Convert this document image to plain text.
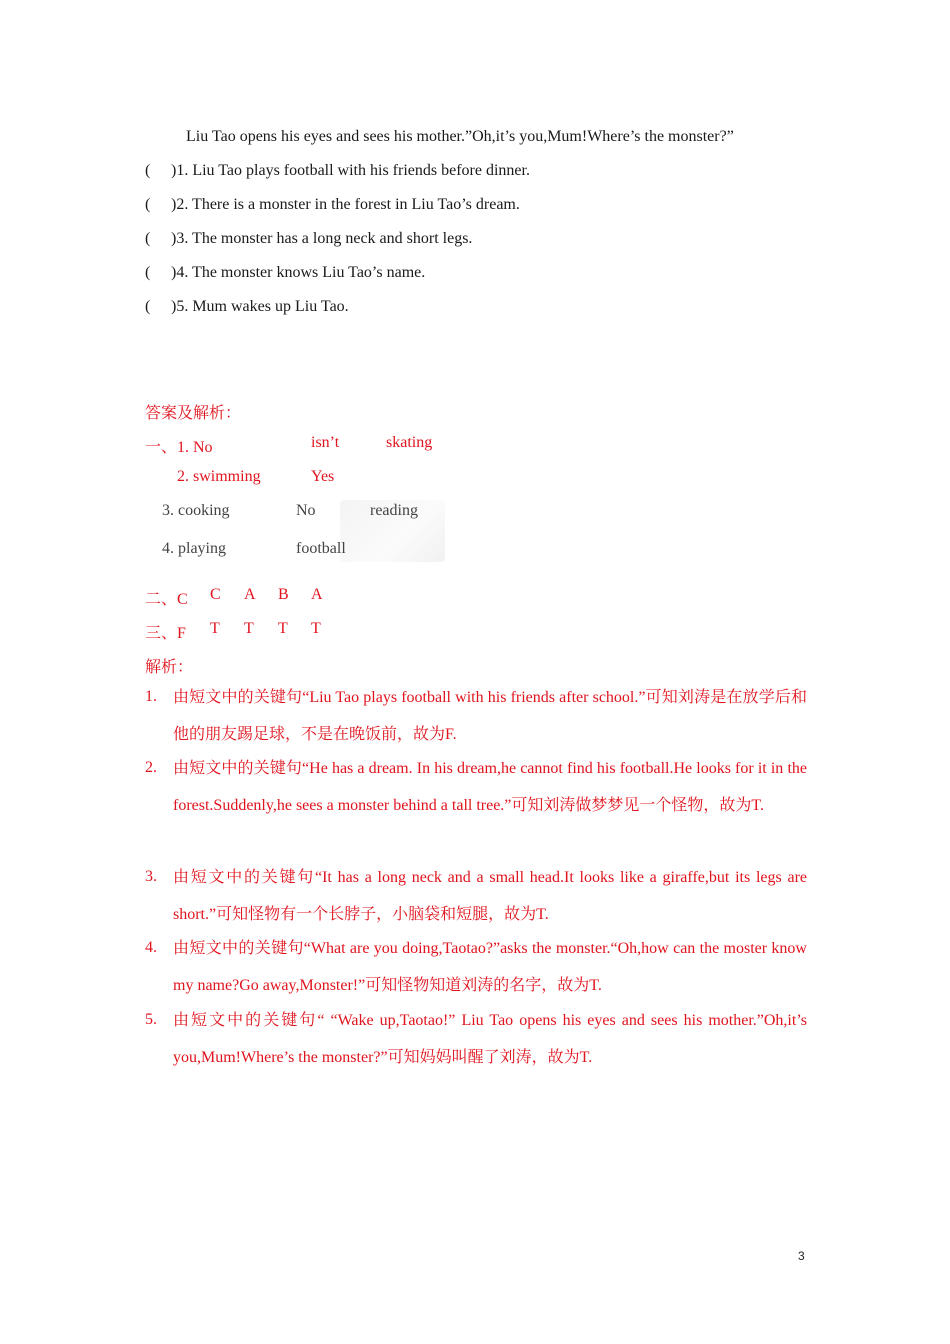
Liu Tao opens his eyes and sees his mother.”Oh,it’s you,Mum!Where’s the monster?”
( )1. Liu Tao plays football with his friends before dinner.
( )2. There is a monster in the forest in Liu Tao’s dream.
( )3. The monster has a long neck and short legs.
( )4. The monster knows Liu Tao’s name.
( )5. Mum wakes up Liu Tao.
答案及解析：
一、1. No	isn’t	skating
2. swimming	Yes
3. cooking	No	reading
4. playing	football
二、C C A B A
三、F T T T T
解析：
1. 由短文中的关键句“Liu Tao plays football with his friends after school.”可知刘涛是在放学后和他的朋友踢足球，不是在晚饭前，故为F.
2. 由短文中的关键句“He has a dream. In his dream,he cannot find his football.He looks for it in the forest.Suddenly,he sees a monster behind a tall tree.”可知刘涛做梦梦见一个怪物，故为T.
3. 由短文中的关键句“It has a long neck and a small head.It looks like a giraffe,but its legs are short.”可知怪物有一个长脖子，小脑袋和短腿，故为T.
4. 由短文中的关键句“What are you doing,Taotao?”asks the monster.“Oh,how can the moster know my name?Go away,Monster!”可知怪物知道刘涛的名字，故为T.
5. 由短文中的关键句“ “Wake up,Taotao!” Liu Tao opens his eyes and sees his mother.”Oh,it’s you,Mum!Where’s the monster?”可知妈妈叫醒了刘涛，故为T.
3
